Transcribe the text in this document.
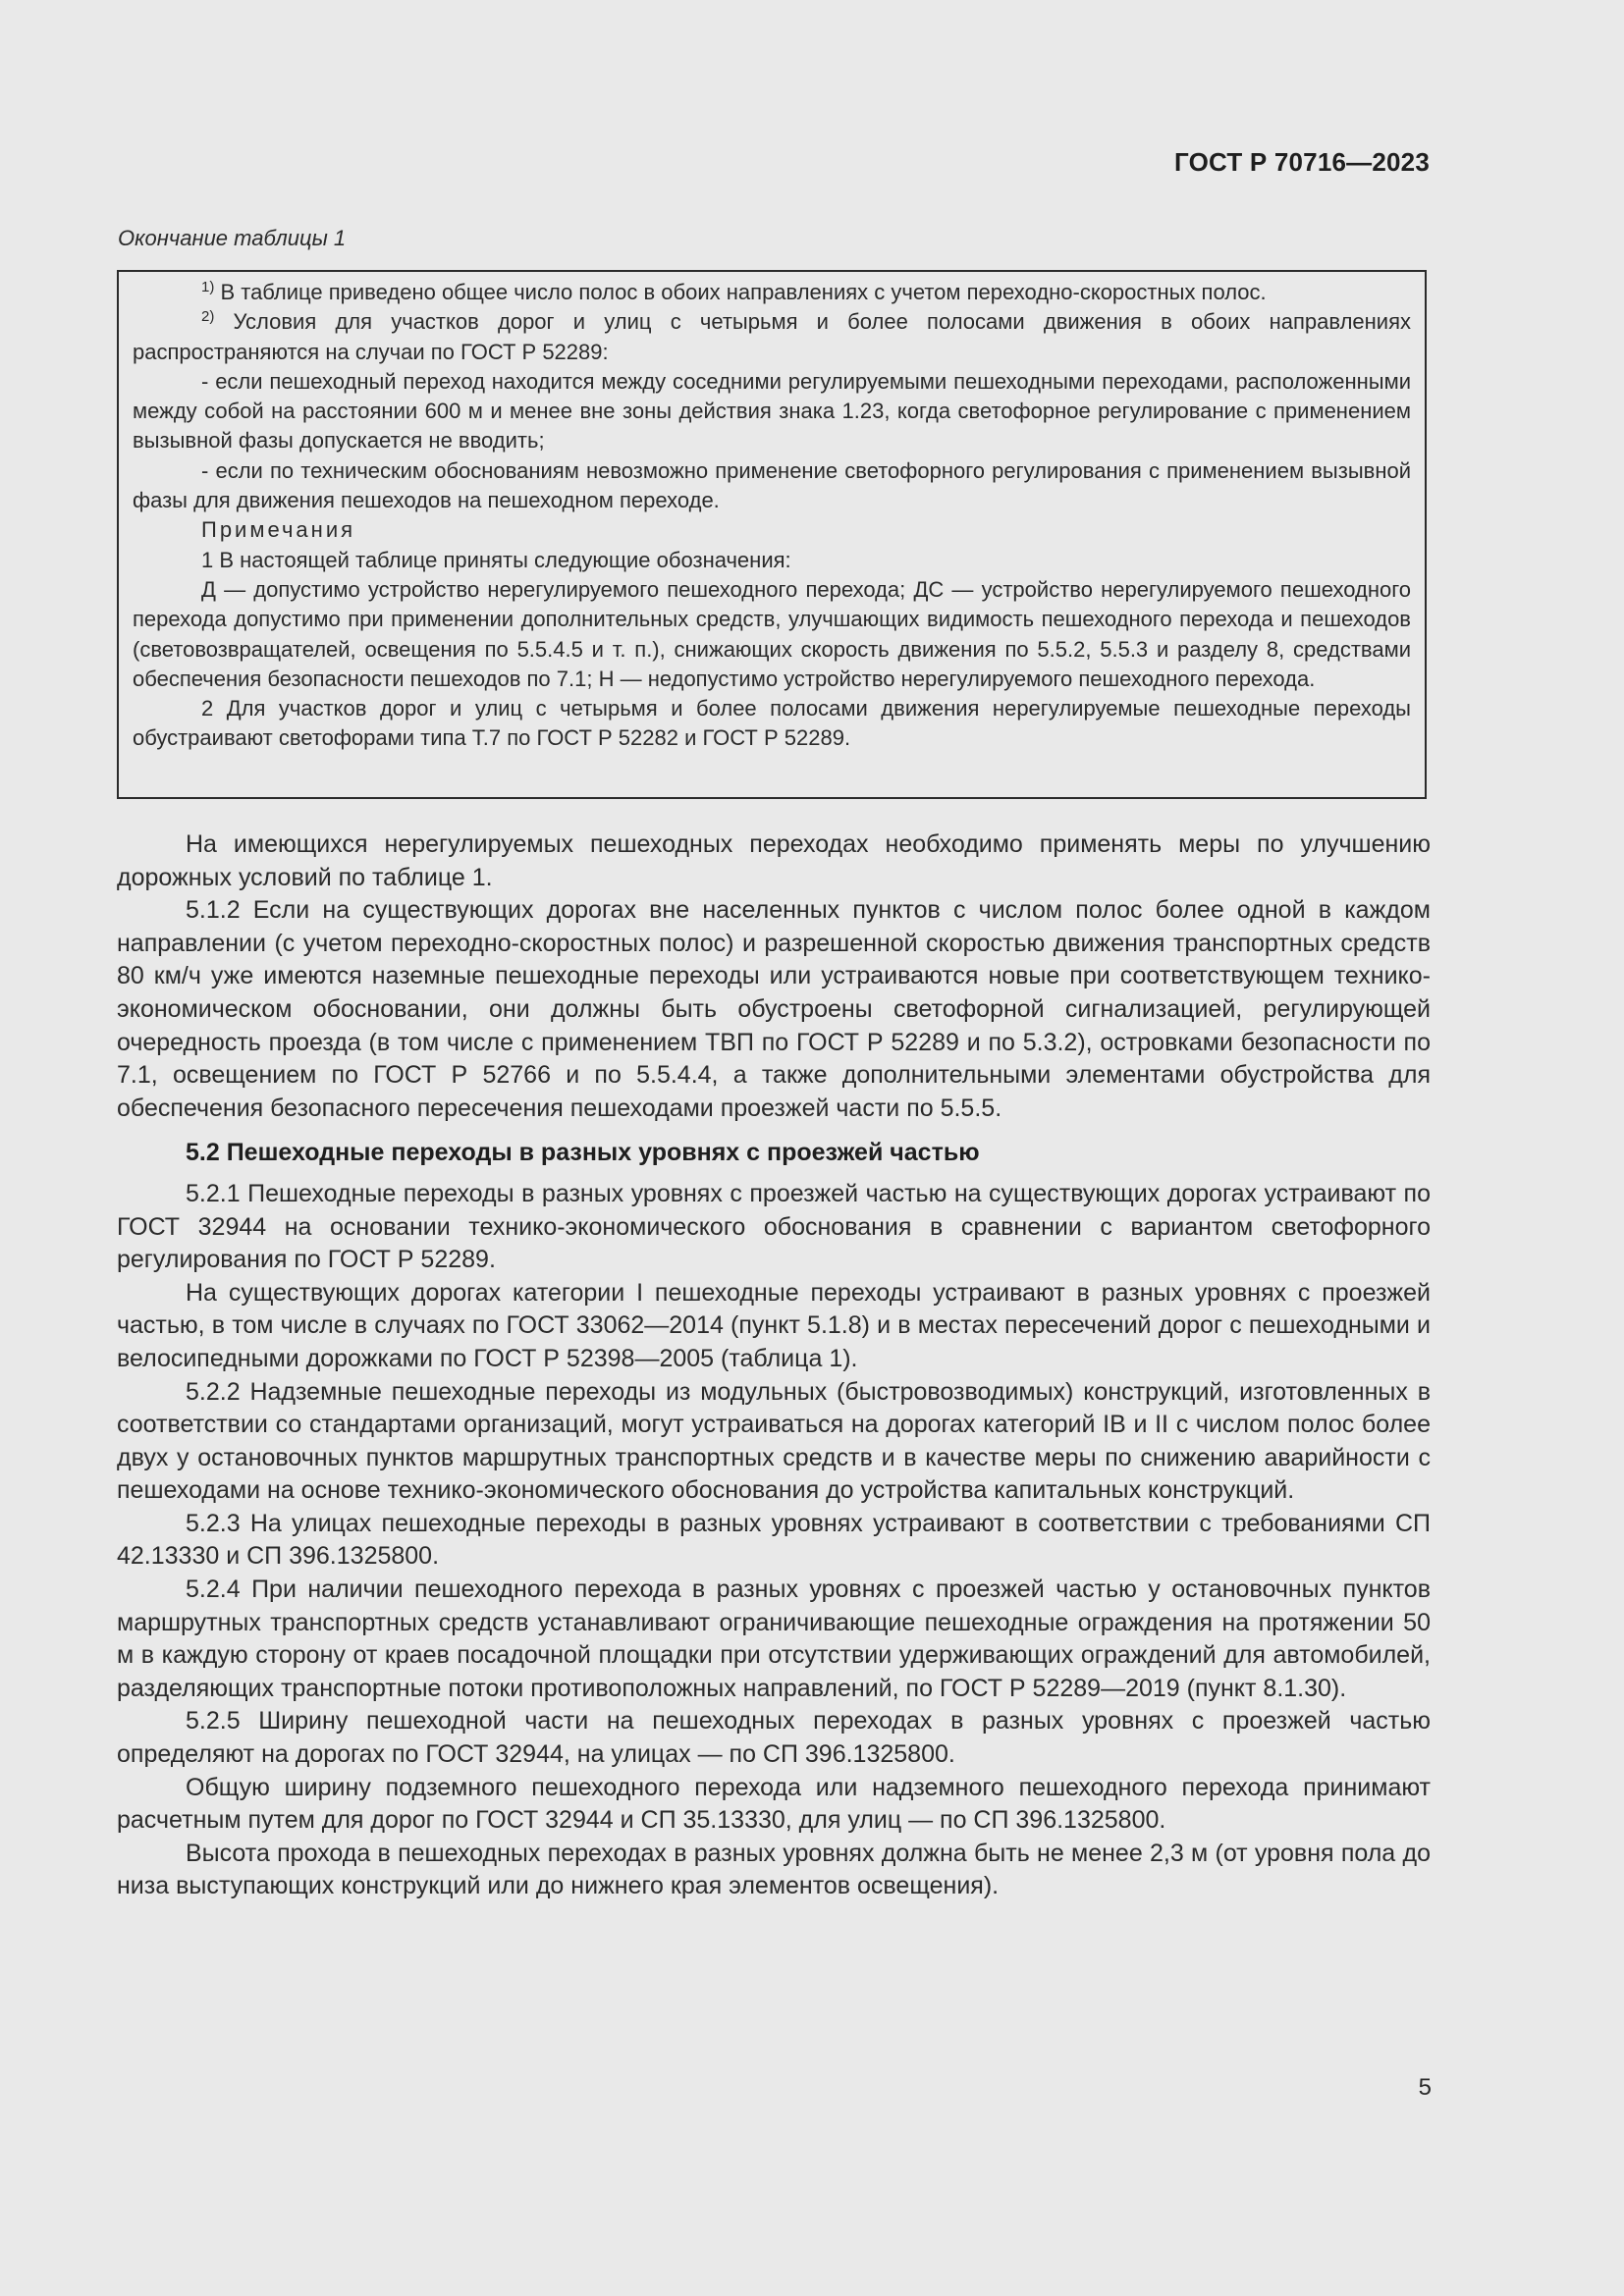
ГОСТ Р 70716—2023
Окончание таблицы 1

$^{1)}$ В таблице приведено общее число полос в обоих направлениях с учетом переходно-скоростных полос.

$^{2)}$ Условия для участков дорог и улиц с четырьмя и более полосами движения в обоих направлениях распространяются на случаи по ГОСТ Р 52289:

- если пешеходный переход находится между соседними регулируемыми пешеходными переходами, расположенными между собой на расстоянии 600 м и менее вне зоны действия знака 1.23, когда светофорное регулирование с применением вызывной фазы допускается не вводить;

- если по техническим обоснованиям невозможно применение светофорного регулирования с применением вызывной фазы для движения пешеходов на пешеходном переходе.

Примечания

1 В настоящей таблице приняты следующие обозначения:

Д — допустимо устройство нерегулируемого пешеходного перехода; ДС — устройство нерегулируемого пешеходного перехода допустимо при применении дополнительных средств, улучшающих видимость пешеходного перехода и пешеходов (световозвращателей, освещения по 5.5.4.5 и т. п.), снижающих скорость движения по 5.5.2, 5.5.3 и разделу 8, средствами обеспечения безопасности пешеходов по 7.1; Н — недопустимо устройство нерегулируемого пешеходного перехода.

2 Для участков дорог и улиц с четырьмя и более полосами движения нерегулируемые пешеходные переходы обустраивают светофорами типа Т.7 по ГОСТ Р 52282 и ГОСТ Р 52289.

На имеющихся нерегулируемых пешеходных переходах необходимо применять меры по улучшению дорожных условий по таблице 1.

5.1.2 Если на существующих дорогах вне населенных пунктов с числом полос более одной в каждом направлении (с учетом переходно-скоростных полос) и разрешенной скоростью движения транспортных средств 80 км/ч уже имеются наземные пешеходные переходы или устраиваются новые при соответствующем технико-экономическом обосновании, они должны быть обустроены светофорной сигнализацией, регулирующей очередность проезда (в том числе с применением ТВП по ГОСТ Р 52289 и по 5.3.2), островками безопасности по 7.1, освещением по ГОСТ Р 52766 и по 5.5.4.4, а также дополнительными элементами обустройства для обеспечения безопасного пересечения пешеходами проезжей части по 5.5.5.

5.2 Пешеходные переходы в разных уровнях с проезжей частью

5.2.1 Пешеходные переходы в разных уровнях с проезжей частью на существующих дорогах устраивают по ГОСТ 32944 на основании технико-экономического обоснования в сравнении с вариантом светофорного регулирования по ГОСТ Р 52289.

На существующих дорогах категории I пешеходные переходы устраивают в разных уровнях с проезжей частью, в том числе в случаях по ГОСТ 33062—2014 (пункт 5.1.8) и в местах пересечений дорог с пешеходными и велосипедными дорожками по ГОСТ Р 52398—2005 (таблица 1).

5.2.2 Надземные пешеходные переходы из модульных (быстровозводимых) конструкций, изготовленных в соответствии со стандартами организаций, могут устраиваться на дорогах категорий IВ и II с числом полос более двух у остановочных пунктов маршрутных транспортных средств и в качестве меры по снижению аварийности с пешеходами на основе технико-экономического обоснования до устройства капитальных конструкций.

5.2.3 На улицах пешеходные переходы в разных уровнях устраивают в соответствии с требованиями СП 42.13330 и СП 396.1325800.

5.2.4 При наличии пешеходного перехода в разных уровнях с проезжей частью у остановочных пунктов маршрутных транспортных средств устанавливают ограничивающие пешеходные ограждения на протяжении 50 м в каждую сторону от краев посадочной площадки при отсутствии удерживающих ограждений для автомобилей, разделяющих транспортные потоки противоположных направлений, по ГОСТ Р 52289—2019 (пункт 8.1.30).

5.2.5 Ширину пешеходной части на пешеходных переходах в разных уровнях с проезжей частью определяют на дорогах по ГОСТ 32944, на улицах — по СП 396.1325800.

Общую ширину подземного пешеходного перехода или надземного пешеходного перехода принимают расчетным путем для дорог по ГОСТ 32944 и СП 35.13330, для улиц — по СП 396.1325800.

Высота прохода в пешеходных переходах в разных уровнях должна быть не менее 2,3 м (от уровня пола до низа выступающих конструкций или до нижнего края элементов освещения).

5
